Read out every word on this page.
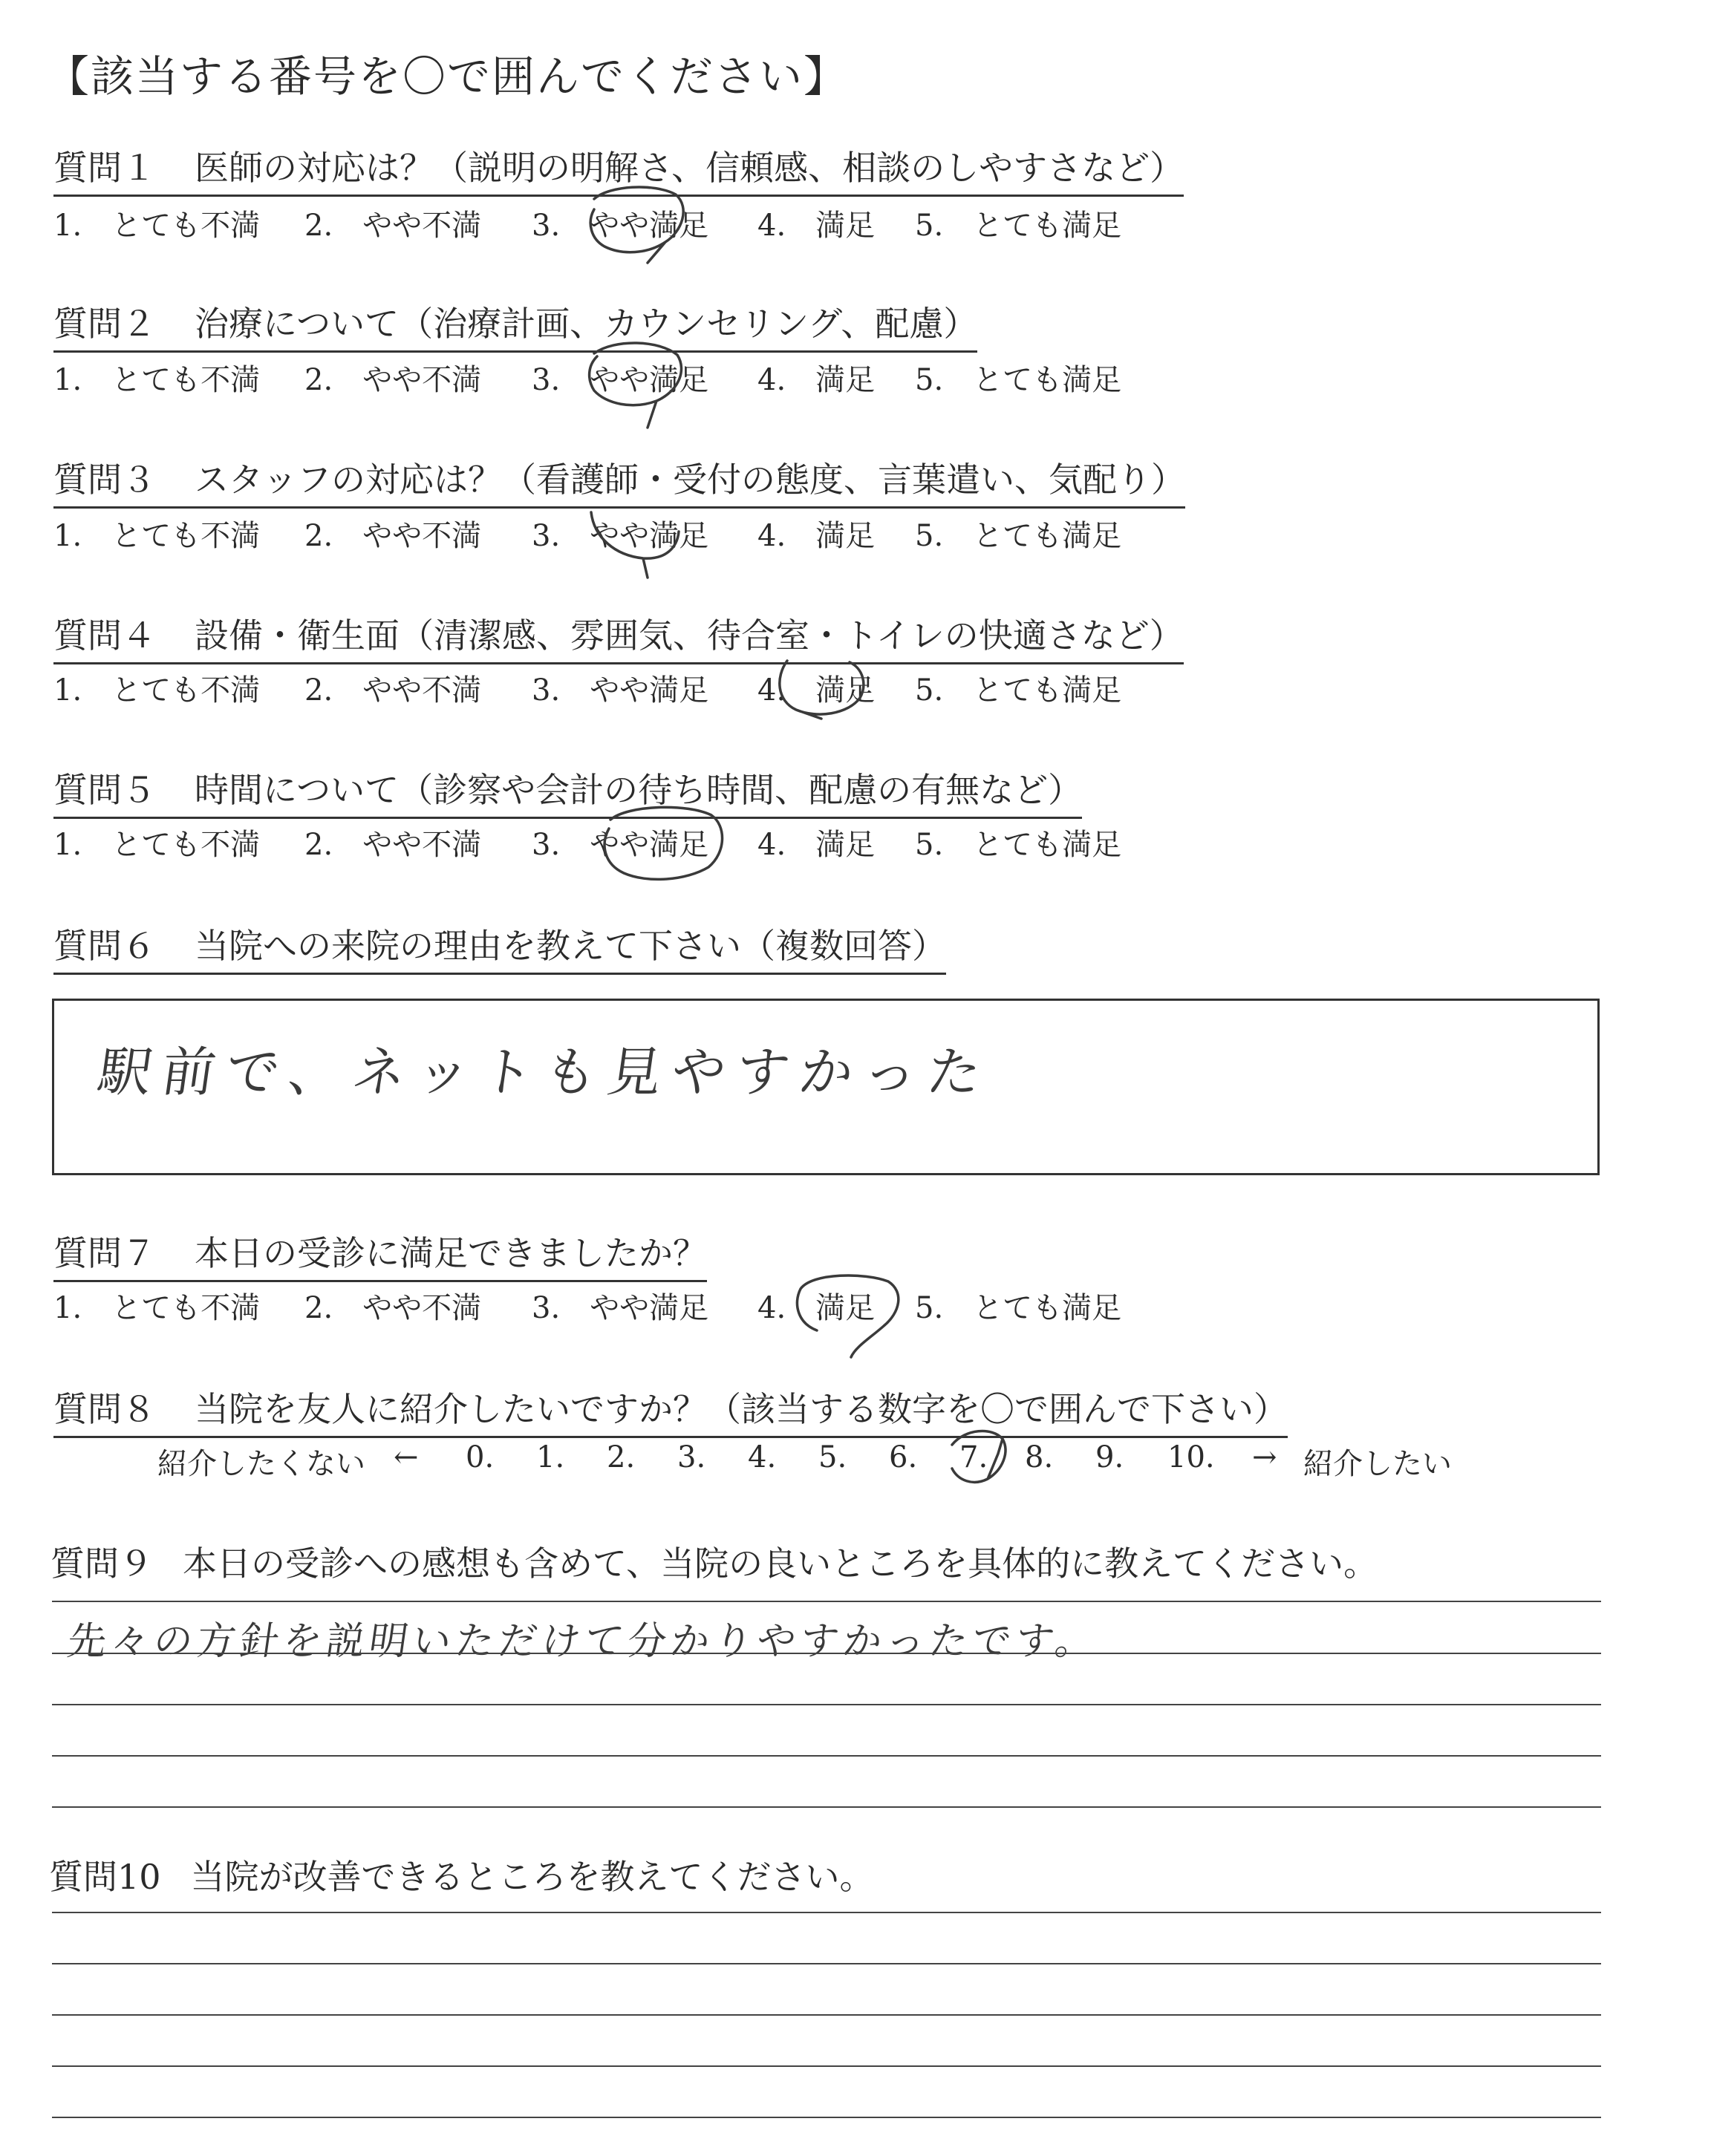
【該当する番号を〇で囲んでください】
質問１ 医師の対応は？（説明の明解さ、信頼感、相談のしやすさなど）
1.　とても不満 2.　やや不満 3.　やや満足 4.　満足 5.　とても満足
質問２ 治療について（治療計画、カウンセリング、配慮）
1.　とても不満 2.　やや不満 3.　やや満足 4.　満足 5.　とても満足
質問３ スタッフの対応は？（看護師・受付の態度、言葉遣い、気配り）
1.　とても不満 2.　やや不満 3.　やや満足 4.　満足 5.　とても満足
質問４ 設備・衛生面（清潔感、雰囲気、待合室・トイレの快適さなど）
1.　とても不満 2.　やや不満 3.　やや満足 4.　満足 5.　とても満足
質問５ 時間について（診察や会計の待ち時間、配慮の有無など）
1.　とても不満 2.　やや不満 3.　やや満足 4.　満足 5.　とても満足
質問６ 当院への来院の理由を教えて下さい（複数回答）
駅前で、ネットも見やすかった
質問７ 本日の受診に満足できましたか？
1.　とても不満 2.　やや不満 3.　やや満足 4.　満足 5.　とても満足
質問８ 当院を友人に紹介したいですか？（該当する数字を〇で囲んで下さい）
紹介したくない ← 0. 1. 2. 3. 4. 5. 6. 7. 8. 9. 10. → 紹介したい
質問９ 本日の受診への感想も含めて、当院の良いところを具体的に教えてください。
先々の方針を説明いただけて分かりやすかったです。
質問10 当院が改善できるところを教えてください。
